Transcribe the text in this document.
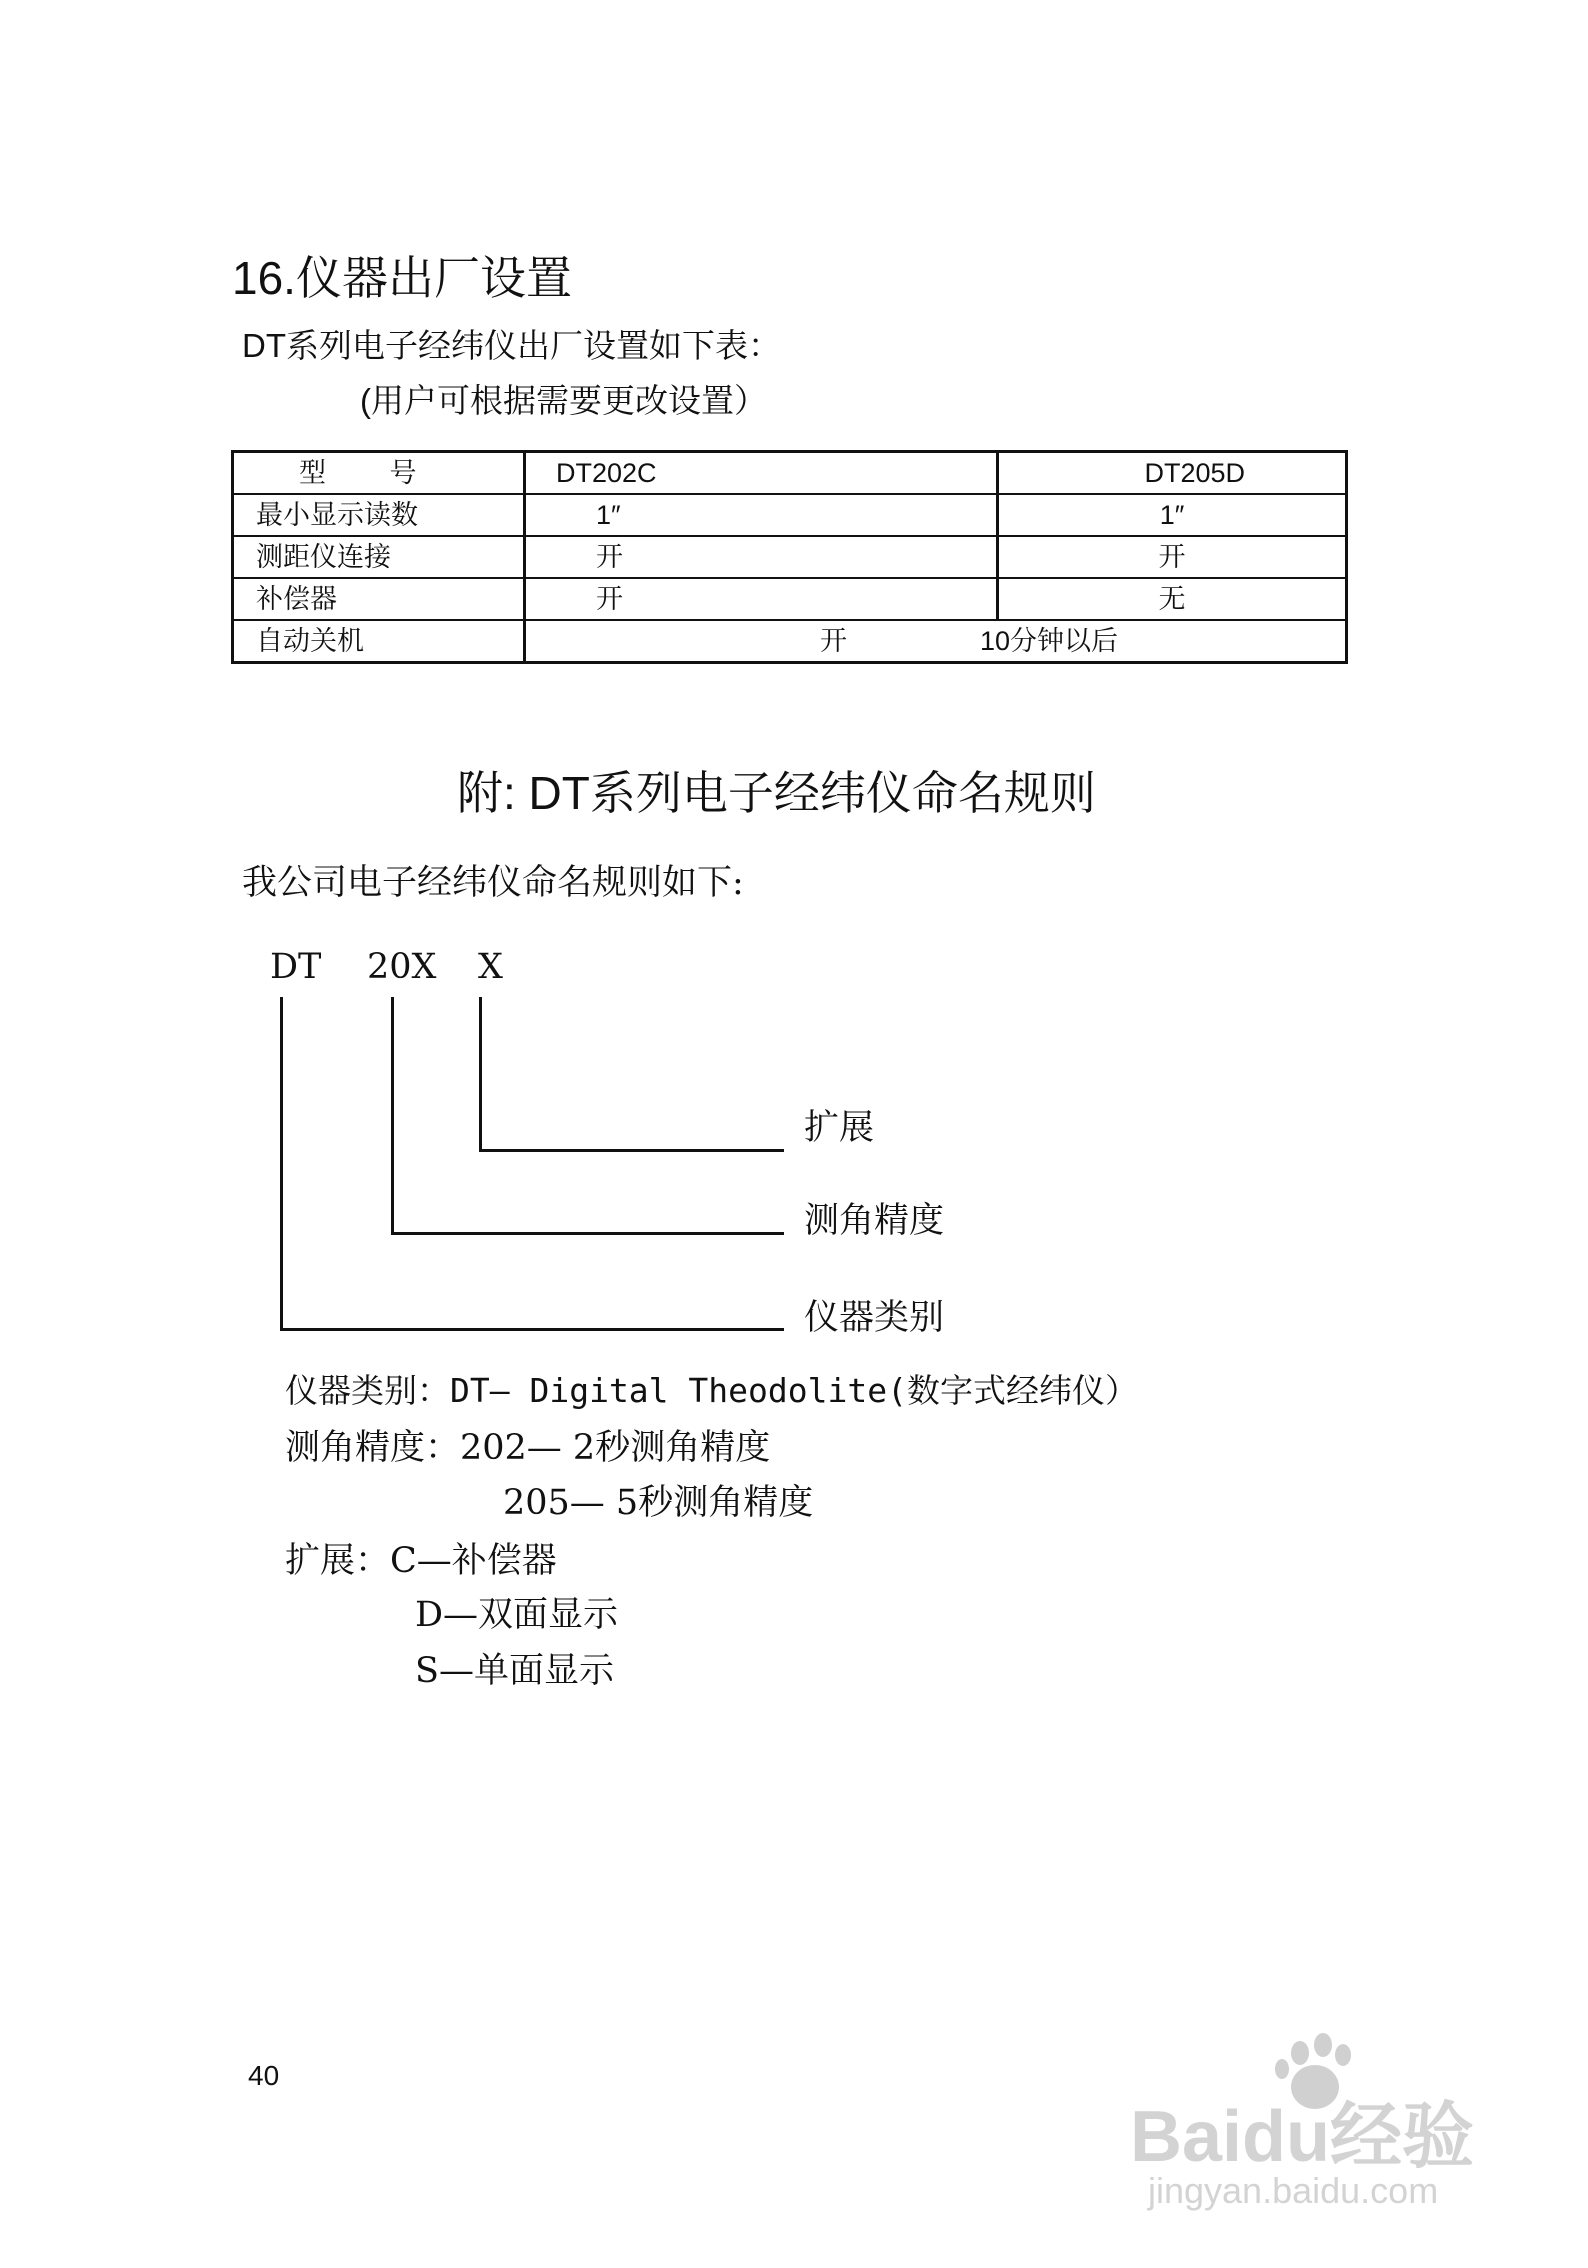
16.仪器出厂设置
DT系列电子经纬仪出厂设置如下表：
(用户可根据需要更改设置）
型 号	DT202C	DT205D
最小显示读数	1″	1″
测距仪连接	开	开
补偿器	开	无
自动关机	开 10分钟以后	
附: DT系列电子经纬仪命名规则
我公司电子经纬仪命名规则如下:
DT 20X X
扩展
测角精度
仪器类别
仪器类别：DT— Digital Theodolite(数字式经纬仪）
测角精度：202— 2秒测角精度
205— 5秒测角精度
扩展：C—补偿器
D—双面显示
S—单面显示
40
Baidu经验
jingyan.baidu.com
